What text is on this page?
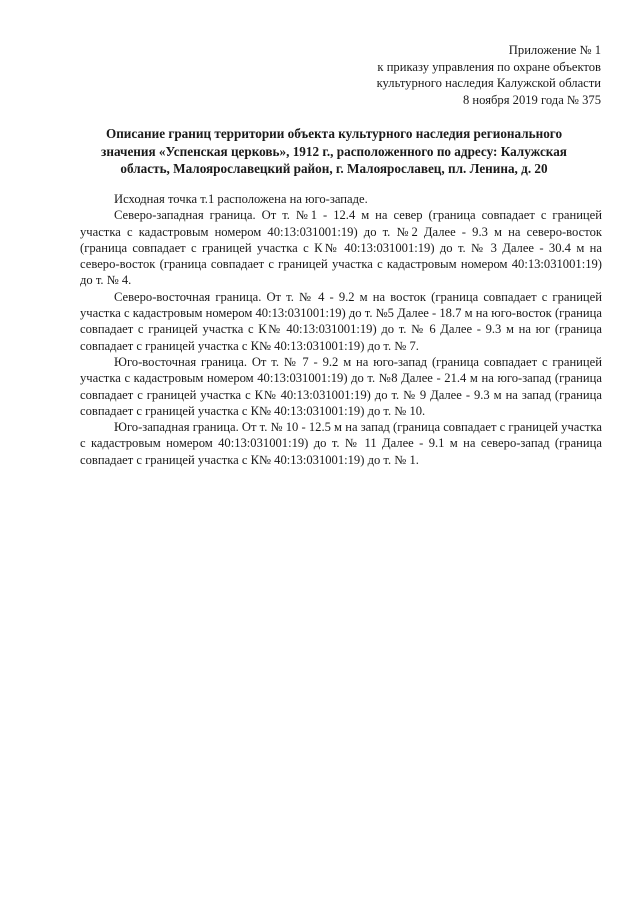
Приложение № 1
к приказу управления по охране объектов
культурного наследия Калужской области
8 ноября 2019 года № 375
Описание границ территории объекта культурного наследия регионального
значения «Успенская церковь», 1912 г., расположенного по адресу: Калужская
область, Малоярославецкий район, г. Малоярославец, пл. Ленина, д. 20

Исходная точка т.1 расположена на юго-западе.

Северо-западная граница. От т. №1 - 12.4 м на север (граница совпадает с границей участка с кадастровым номером 40:13:031001:19) до т. №2 Далее - 9.3 м на северо-восток (граница совпадает с границей участка с К№ 40:13:031001:19) до т. № 3 Далее - 30.4 м на северо-восток (граница совпадает с границей участка с кадастровым номером 40:13:031001:19) до т. № 4.

Северо-восточная граница. От т. № 4 - 9.2 м на восток (граница совпадает с границей участка с кадастровым номером 40:13:031001:19) до т. №5 Далее - 18.7 м на юго-восток (граница совпадает с границей участка с К№ 40:13:031001:19) до т. № 6 Далее - 9.3 м на юг (граница совпадает с границей участка с К№ 40:13:031001:19) до т. № 7.

Юго-восточная граница. От т. № 7 - 9.2 м на юго-запад (граница совпадает с границей участка с кадастровым номером 40:13:031001:19) до т. №8 Далее - 21.4 м на юго-запад (граница совпадает с границей участка с К№ 40:13:031001:19) до т. № 9 Далее - 9.3 м на запад (граница совпадает с границей участка с К№ 40:13:031001:19) до т. № 10.

Юго-западная граница. От т. № 10 - 12.5 м на запад (граница совпадает с границей участка с кадастровым номером 40:13:031001:19) до т. № 11 Далее - 9.1 м на северо-запад (граница совпадает с границей участка с К№ 40:13:031001:19) до т. № 1.
